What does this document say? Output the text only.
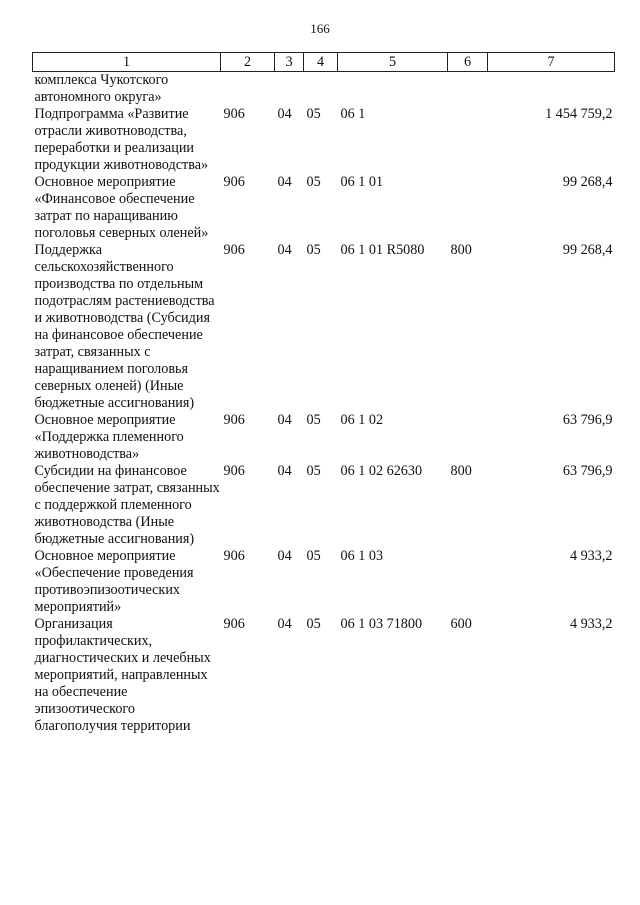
166
1	2	3	4	5	6	7
комплекса Чукотского автономного округа»						
Подпрограмма «Развитие отрасли животноводства, переработки и реализации продукции животноводства»	906	04	05	06 1		1 454 759,2
Основное мероприятие «Финансовое обеспечение затрат по наращиванию поголовья северных оленей»	906	04	05	06 1 01		99 268,4
Поддержка сельскохозяйственного производства по отдельным подотраслям растениеводства и животноводства (Субсидия на финансовое обеспечение затрат, связанных с наращиванием поголовья северных оленей) (Иные бюджетные ассигнования)	906	04	05	06 1 01 R5080	800	99 268,4
Основное мероприятие «Поддержка племенного животноводства»	906	04	05	06 1 02		63 796,9
Субсидии на финансовое обеспечение затрат, связанных с поддержкой племенного животноводства (Иные бюджетные ассигнования)	906	04	05	06 1 02 62630	800	63 796,9
Основное мероприятие «Обеспечение проведения противоэпизоотических мероприятий»	906	04	05	06 1 03		4 933,2
Организация профилактических, диагностических и лечебных мероприятий, направленных на обеспечение эпизоотического благополучия территории	906	04	05	06 1 03 71800	600	4 933,2
